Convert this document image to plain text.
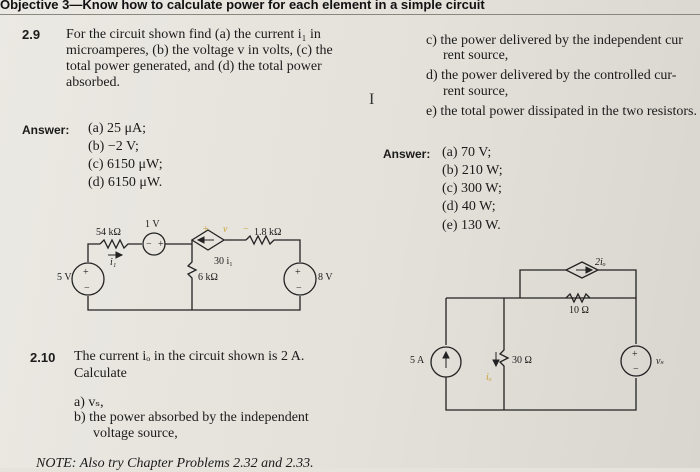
Objective 3—Know how to calculate power for each element in a simple circuit
2.9 For the circuit shown find (a) the current i₁ in
microamperes, (b) the voltage v in volts, (c) the
total power generated, and (d) the total power
absorbed.
Answer: (a) 25 μA;
(b) −2 V;
(c) 6150 μW;
(d) 6150 μW.
c) the power delivered by the independent cur
rent source,
d) the power delivered by the controlled cur-
rent source,
e) the total power dissipated in the two resistors.
I
Answer: (a) 70 V;
(b) 210 W;
(c) 300 W;
(d) 40 W;
(e) 130 W.
2.10 The current iₒ in the circuit shown is 2 A.
Calculate
a) vₛ,
b) the power absorbed by the independent
voltage source,
NOTE: Also try Chapter Problems 2.32 and 2.33.
+
−
+
−
+
−
+
−
54 kΩ
i₁
1 V
5 V
+ v − 1.8 kΩ
30 i₁
6 kΩ	8 V
2iₒ
10 Ω
5 A	30 Ω
iₒ
vₛ
